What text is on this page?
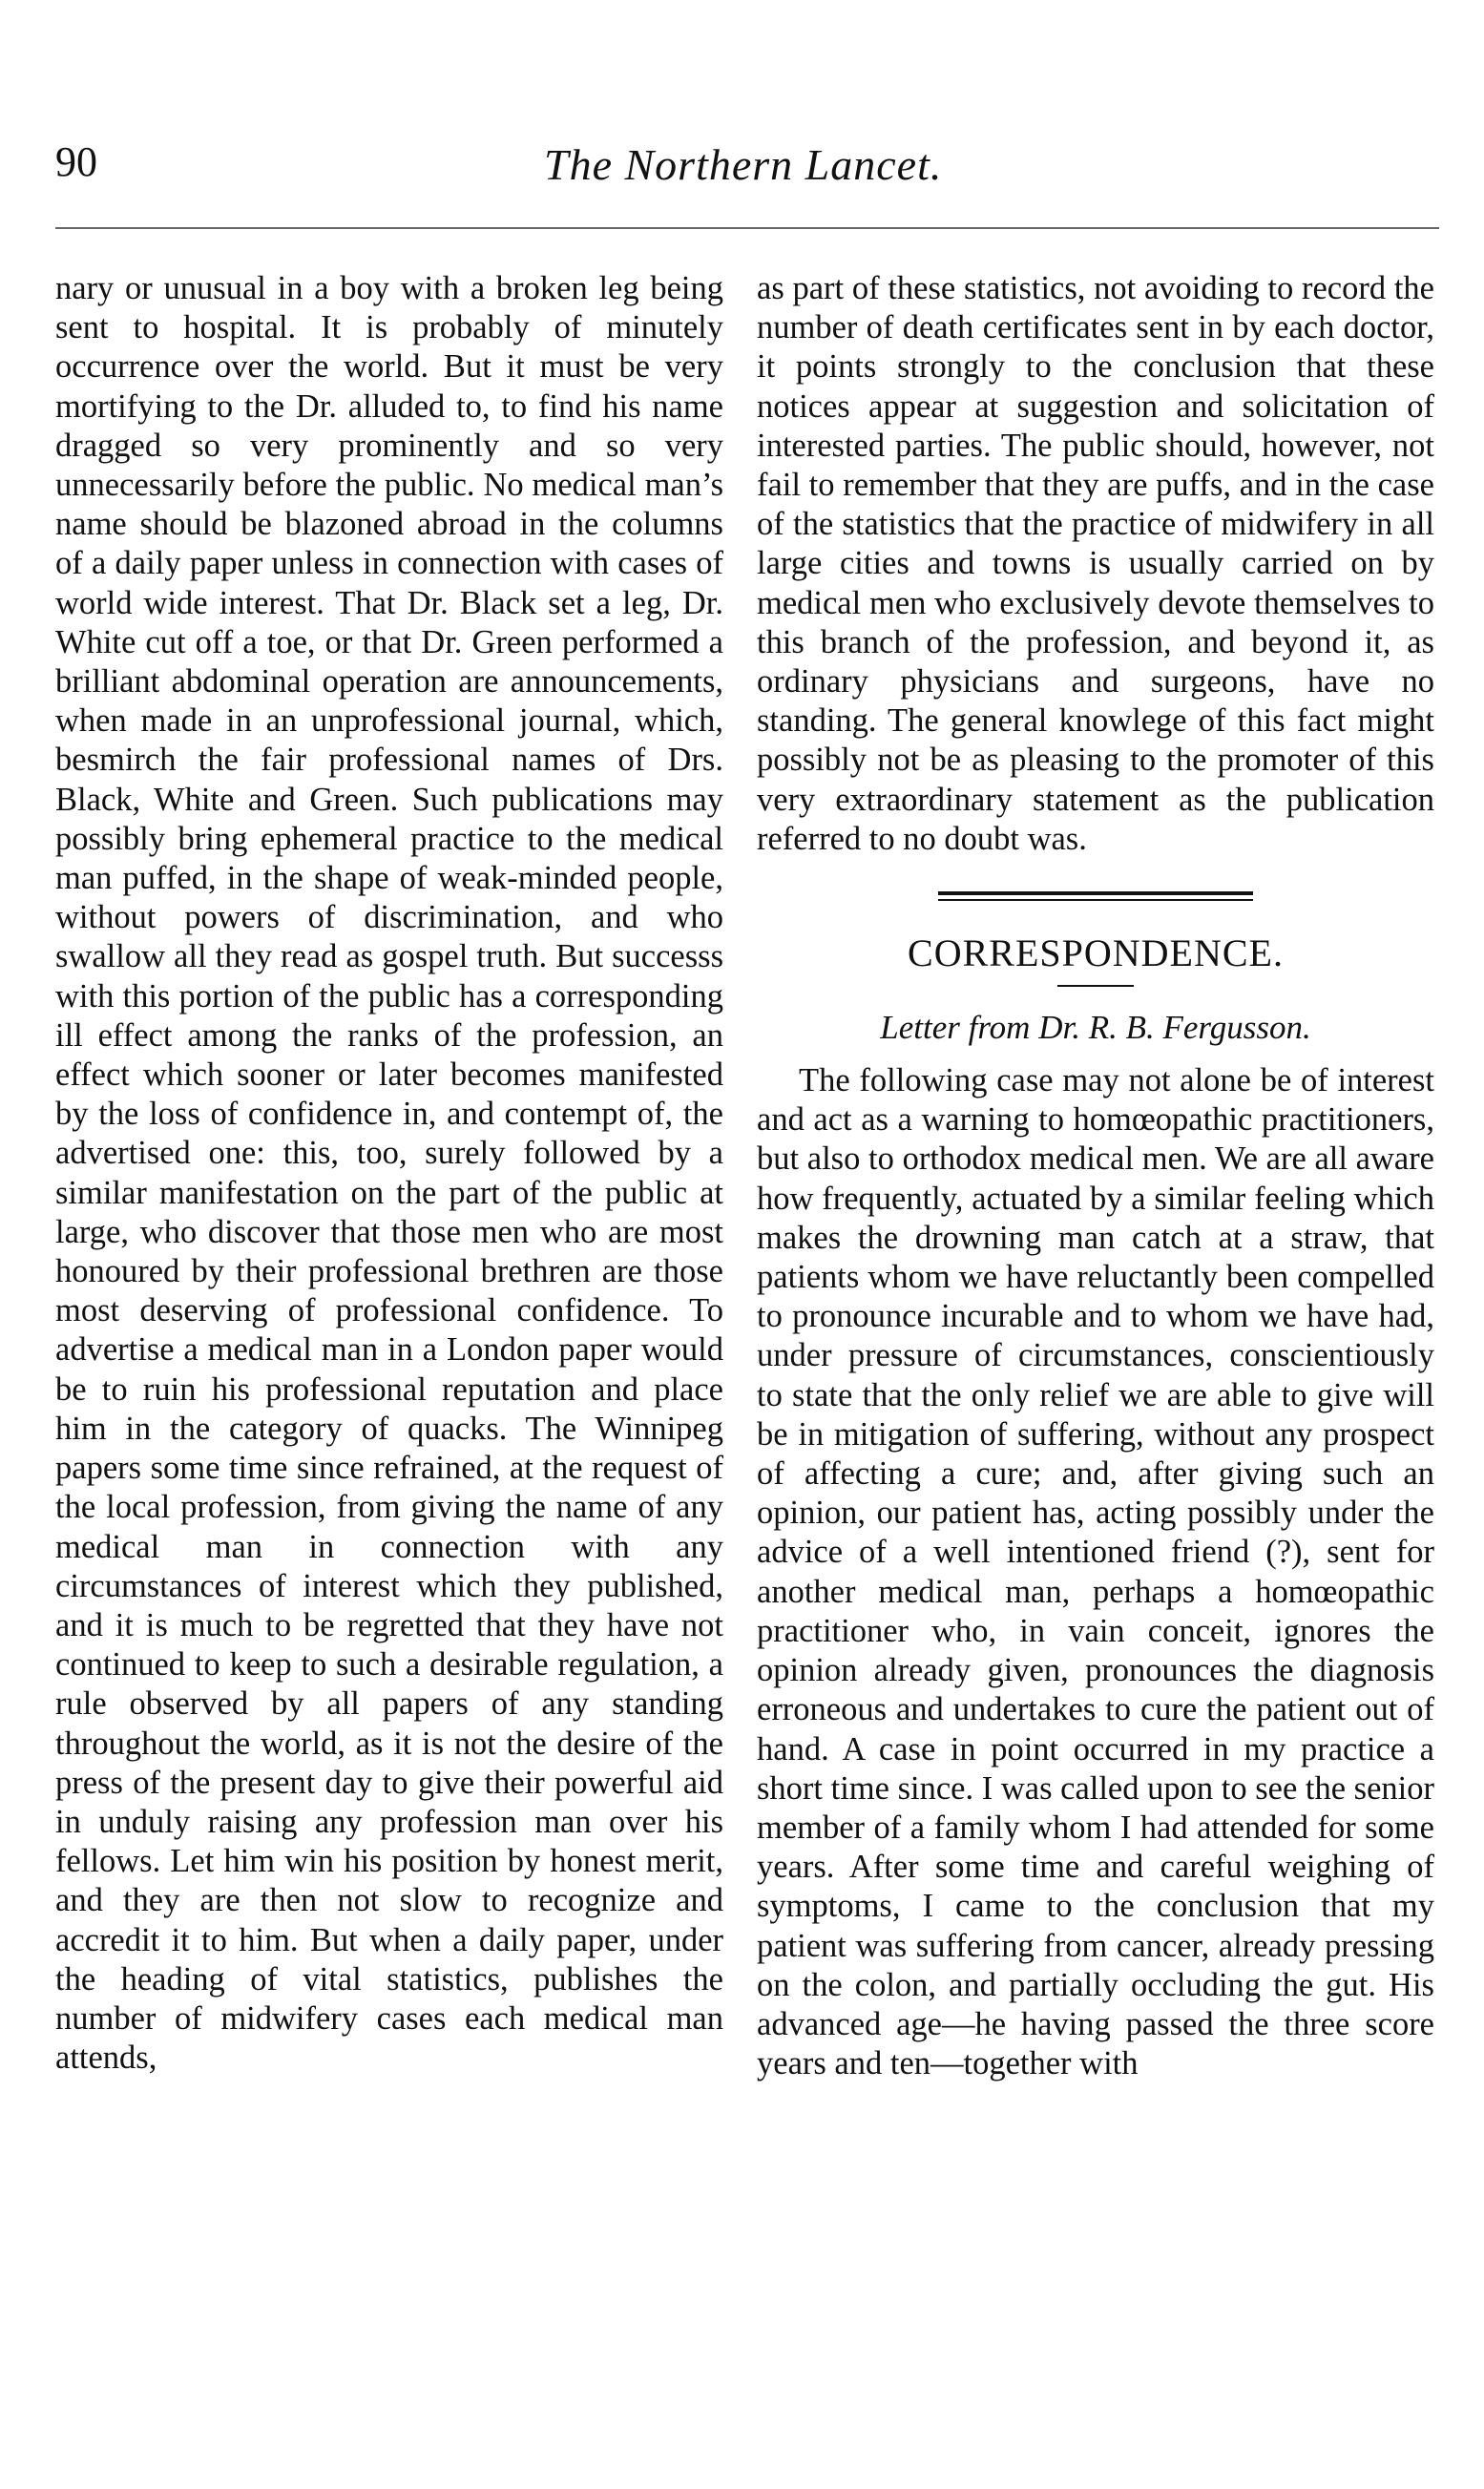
90	The Northern Lancet.

nary or unusual in a boy with a broken leg being sent to hospital. It is probably of minutely occurrence over the world. But it must be very mortifying to the Dr. alluded to, to find his name dragged so very prominently and so very unnecessarily before the public. No medical man’s name should be blazoned abroad in the columns of a daily paper unless in connection with cases of world wide interest. That Dr. Black set a leg, Dr. White cut off a toe, or that Dr. Green performed a brilliant abdominal operation are announcements, when made in an unprofessional journal, which, besmirch the fair professional names of Drs. Black, White and Green. Such publications may possibly bring ephemeral practice to the medical man puffed, in the shape of weak-minded people, without powers of discrimination, and who swallow all they read as gospel truth. But successs with this portion of the public has a corresponding ill effect among the ranks of the profession, an effect which sooner or later becomes manifested by the loss of confidence in, and contempt of, the advertised one: this, too, surely followed by a similar manifestation on the part of the public at large, who discover that those men who are most honoured by their professional brethren are those most deserving of professional confidence. To advertise a medical man in a London paper would be to ruin his professional reputation and place him in the category of quacks. The Winnipeg papers some time since refrained, at the request of the local profession, from giving the name of any medical man in connection with any circumstances of interest which they published, and it is much to be regretted that they have not continued to keep to such a desirable regulation, a rule observed by all papers of any standing throughout the world, as it is not the desire of the press of the present day to give their powerful aid in unduly raising any profession man over his fellows. Let him win his position by honest merit, and they are then not slow to recognize and accredit it to him. But when a daily paper, under the heading of vital statistics, publishes the number of midwifery cases each medical man attends,

as part of these statistics, not avoiding to record the number of death certificates sent in by each doctor, it points strongly to the conclusion that these notices appear at suggestion and solicitation of interested parties. The public should, however, not fail to remember that they are puffs, and in the case of the statistics that the practice of midwifery in all large cities and towns is usually carried on by medical men who exclusively devote themselves to this branch of the profession, and beyond it, as ordinary physicians and surgeons, have no standing. The general knowlege of this fact might possibly not be as pleasing to the promoter of this very extraordinary statement as the publication referred to no doubt was.

CORRESPONDENCE.
Letter from Dr. R. B. Fergusson.

The following case may not alone be of interest and act as a warning to homœopathic practitioners, but also to orthodox medical men. We are all aware how frequently, actuated by a similar feeling which makes the drowning man catch at a straw, that patients whom we have reluctantly been compelled to pronounce incurable and to whom we have had, under pressure of circumstances, conscientiously to state that the only relief we are able to give will be in mitigation of suffering, without any prospect of affecting a cure; and, after giving such an opinion, our patient has, acting possibly under the advice of a well intentioned friend (?), sent for another medical man, perhaps a homœopathic practitioner who, in vain conceit, ignores the opinion already given, pronounces the diagnosis erroneous and undertakes to cure the patient out of hand. A case in point occurred in my practice a short time since. I was called upon to see the senior member of a family whom I had attended for some years. After some time and careful weighing of symptoms, I came to the conclusion that my patient was suffering from cancer, already pressing on the colon, and partially occluding the gut. His advanced age—he having passed the three score years and ten—together with
